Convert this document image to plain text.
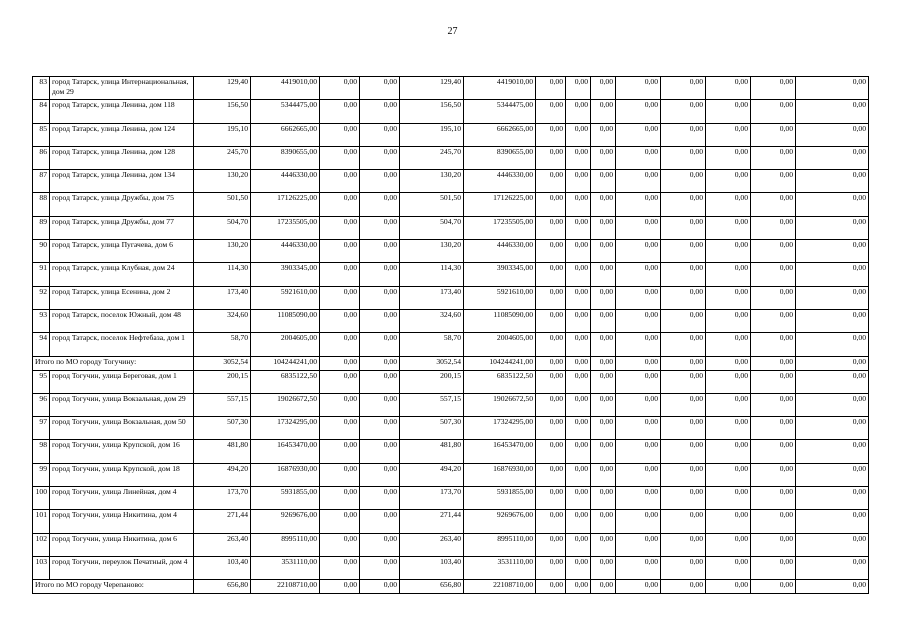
27
83	город Татарск, улица Интернациональная, дом 29	129,40	4419010,00	0,00	0,00	129,40	4419010,00	0,00	0,00	0,00	0,00	0,00	0,00	0,00	0,00
84	город Татарск, улица Ленина, дом 118	156,50	5344475,00	0,00	0,00	156,50	5344475,00	0,00	0,00	0,00	0,00	0,00	0,00	0,00	0,00
85	город Татарск, улица Ленина, дом 124	195,10	6662665,00	0,00	0,00	195,10	6662665,00	0,00	0,00	0,00	0,00	0,00	0,00	0,00	0,00
86	город Татарск, улица Ленина, дом 128	245,70	8390655,00	0,00	0,00	245,70	8390655,00	0,00	0,00	0,00	0,00	0,00	0,00	0,00	0,00
87	город Татарск, улица Ленина, дом 134	130,20	4446330,00	0,00	0,00	130,20	4446330,00	0,00	0,00	0,00	0,00	0,00	0,00	0,00	0,00
88	город Татарск, улица Дружбы, дом 75	501,50	17126225,00	0,00	0,00	501,50	17126225,00	0,00	0,00	0,00	0,00	0,00	0,00	0,00	0,00
89	город Татарск, улица Дружбы, дом 77	504,70	17235505,00	0,00	0,00	504,70	17235505,00	0,00	0,00	0,00	0,00	0,00	0,00	0,00	0,00
90	город Татарск, улица Пугачева, дом 6	130,20	4446330,00	0,00	0,00	130,20	4446330,00	0,00	0,00	0,00	0,00	0,00	0,00	0,00	0,00
91	город Татарск, улица Клубная, дом 24	114,30	3903345,00	0,00	0,00	114,30	3903345,00	0,00	0,00	0,00	0,00	0,00	0,00	0,00	0,00
92	город Татарск, улица Есенина, дом 2	173,40	5921610,00	0,00	0,00	173,40	5921610,00	0,00	0,00	0,00	0,00	0,00	0,00	0,00	0,00
93	город Татарск, поселок Южный, дом 48	324,60	11085090,00	0,00	0,00	324,60	11085090,00	0,00	0,00	0,00	0,00	0,00	0,00	0,00	0,00
94	город Татарск, поселок Нефтебаза, дом 1	58,70	2004605,00	0,00	0,00	58,70	2004605,00	0,00	0,00	0,00	0,00	0,00	0,00	0,00	0,00
Итого по МО городу Тогучину:		3052,54	104244241,00	0,00	0,00	3052,54	104244241,00	0,00	0,00	0,00	0,00	0,00	0,00	0,00	0,00
95	город Тогучин, улица Береговая, дом 1	200,15	6835122,50	0,00	0,00	200,15	6835122,50	0,00	0,00	0,00	0,00	0,00	0,00	0,00	0,00
96	город Тогучин, улица Вокзальная, дом 29	557,15	19026672,50	0,00	0,00	557,15	19026672,50	0,00	0,00	0,00	0,00	0,00	0,00	0,00	0,00
97	город Тогучин, улица Вокзальная, дом 50	507,30	17324295,00	0,00	0,00	507,30	17324295,00	0,00	0,00	0,00	0,00	0,00	0,00	0,00	0,00
98	город Тогучин, улица Крупской, дом 16	481,80	16453470,00	0,00	0,00	481,80	16453470,00	0,00	0,00	0,00	0,00	0,00	0,00	0,00	0,00
99	город Тогучин, улица Крупской, дом 18	494,20	16876930,00	0,00	0,00	494,20	16876930,00	0,00	0,00	0,00	0,00	0,00	0,00	0,00	0,00
100	город Тогучин, улица Линейная, дом 4	173,70	5931855,00	0,00	0,00	173,70	5931855,00	0,00	0,00	0,00	0,00	0,00	0,00	0,00	0,00
101	город Тогучин, улица Никитина, дом 4	271,44	9269676,00	0,00	0,00	271,44	9269676,00	0,00	0,00	0,00	0,00	0,00	0,00	0,00	0,00
102	город Тогучин, улица Никитина, дом 6	263,40	8995110,00	0,00	0,00	263,40	8995110,00	0,00	0,00	0,00	0,00	0,00	0,00	0,00	0,00
103	город Тогучин, переулок Печатный, дом 4	103,40	3531110,00	0,00	0,00	103,40	3531110,00	0,00	0,00	0,00	0,00	0,00	0,00	0,00	0,00
Итого по МО городу Черепаново:		656,80	22108710,00	0,00	0,00	656,80	22108710,00	0,00	0,00	0,00	0,00	0,00	0,00	0,00	0,00
